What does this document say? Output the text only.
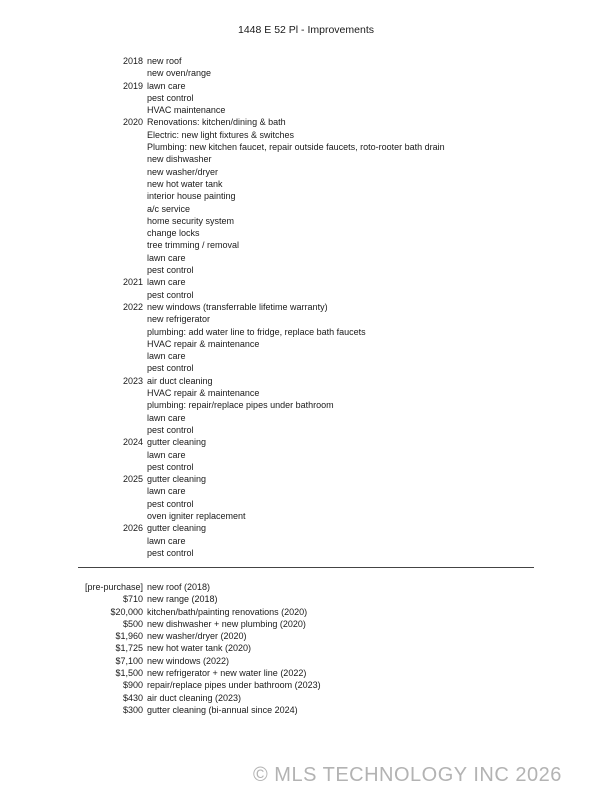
1448 E 52 Pl - Improvements
2018 new roof
new oven/range
2019 lawn care
pest control
HVAC maintenance
2020 Renovations: kitchen/dining & bath
Electric: new light fixtures & switches
Plumbing: new kitchen faucet, repair outside faucets, roto-rooter bath drain
new dishwasher
new washer/dryer
new hot water tank
interior house painting
a/c service
home security system
change locks
tree trimming / removal
lawn care
pest control
2021 lawn care
pest control
2022 new windows (transferrable lifetime warranty)
new refrigerator
plumbing: add water line to fridge, replace bath faucets
HVAC repair & maintenance
lawn care
pest control
2023 air duct cleaning
HVAC repair & maintenance
plumbing: repair/replace pipes under bathroom
lawn care
pest control
2024 gutter cleaning
lawn care
pest control
2025 gutter cleaning
lawn care
pest control
oven igniter replacement
2026 gutter cleaning
lawn care
pest control
[pre-purchase] new roof (2018)
$710 new range (2018)
$20,000 kitchen/bath/painting renovations (2020)
$500 new dishwasher + new plumbing (2020)
$1,960 new washer/dryer (2020)
$1,725 new hot water tank (2020)
$7,100 new windows (2022)
$1,500 new refrigerator + new water line (2022)
$900 repair/replace pipes under bathroom (2023)
$430 air duct cleaning (2023)
$300 gutter cleaning (bi-annual since 2024)
© MLS TECHNOLOGY INC 2026
